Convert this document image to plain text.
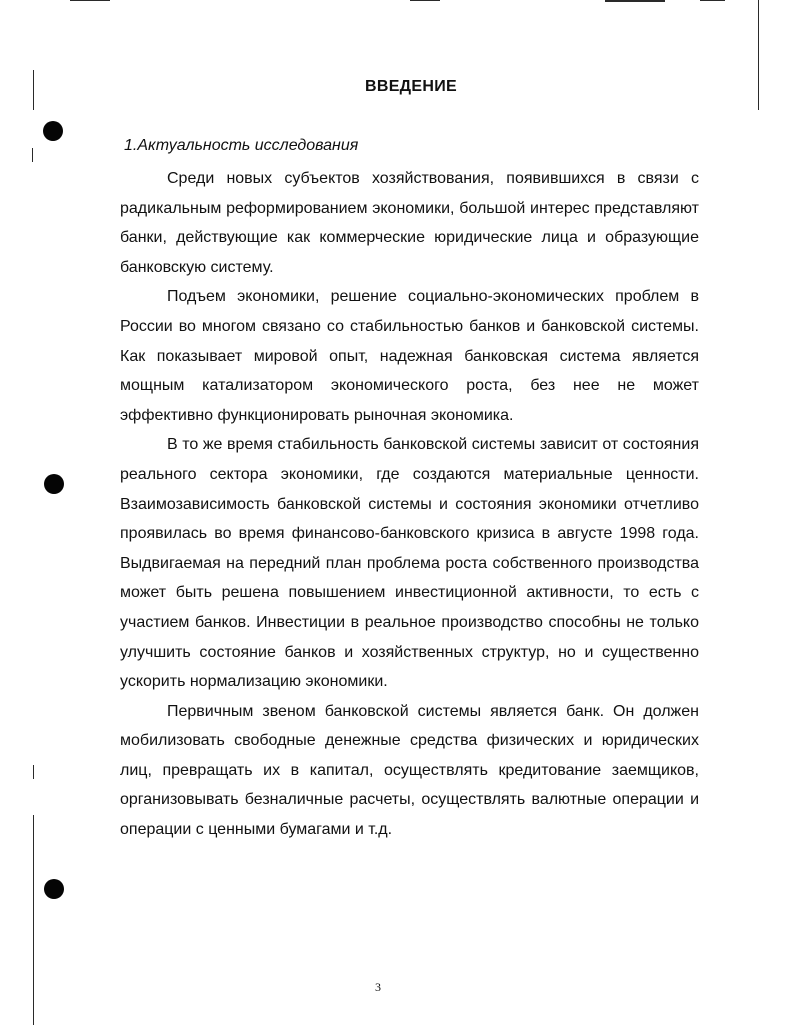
ВВЕДЕНИЕ
1.Актуальность исследования

Среди новых субъектов хозяйствования, появившихся в связи с радикальным реформированием экономики, большой интерес представляют банки, действующие как коммерческие юридические лица и образующие банковскую систему.

Подъем экономики, решение социально-экономических проблем в России во многом связано со стабильностью банков и банковской системы. Как показывает мировой опыт, надежная банковская система является мощным катализатором экономического роста, без нее не может эффективно функционировать рыночная экономика.

В то же время стабильность банковской системы зависит от состояния реального сектора экономики, где создаются материальные ценности. Взаимозависимость банковской системы и состояния экономики отчетливо проявилась во время финансово-банковского кризиса в августе 1998 года. Выдвигаемая на передний план проблема роста собственного производства может быть решена повышением инвестиционной активности, то есть с участием банков. Инвестиции в реальное производство способны не только улучшить состояние банков и хозяйственных структур, но и существенно ускорить нормализацию экономики.

Первичным звеном банковской системы является банк. Он должен мобилизовать свободные денежные средства физических и юридических лиц, превращать их в капитал, осуществлять кредитование заемщиков, организовывать безналичные расчеты, осуществлять валютные операции и операции с ценными бумагами и т.д.

3
